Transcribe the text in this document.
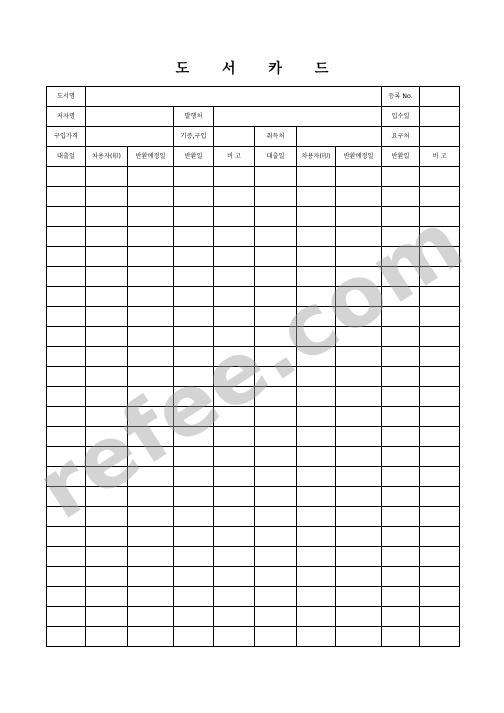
도 서 카 드
도서명								등록 No.	
저자명			발행처					입수일	
구입가격			기증,구입		취득처			요구처	
대출일	차용자(印)	반환예정일	반환일	비 고	대출일	차용자(印)	반환예정일	반환일	비 고

refee.com
